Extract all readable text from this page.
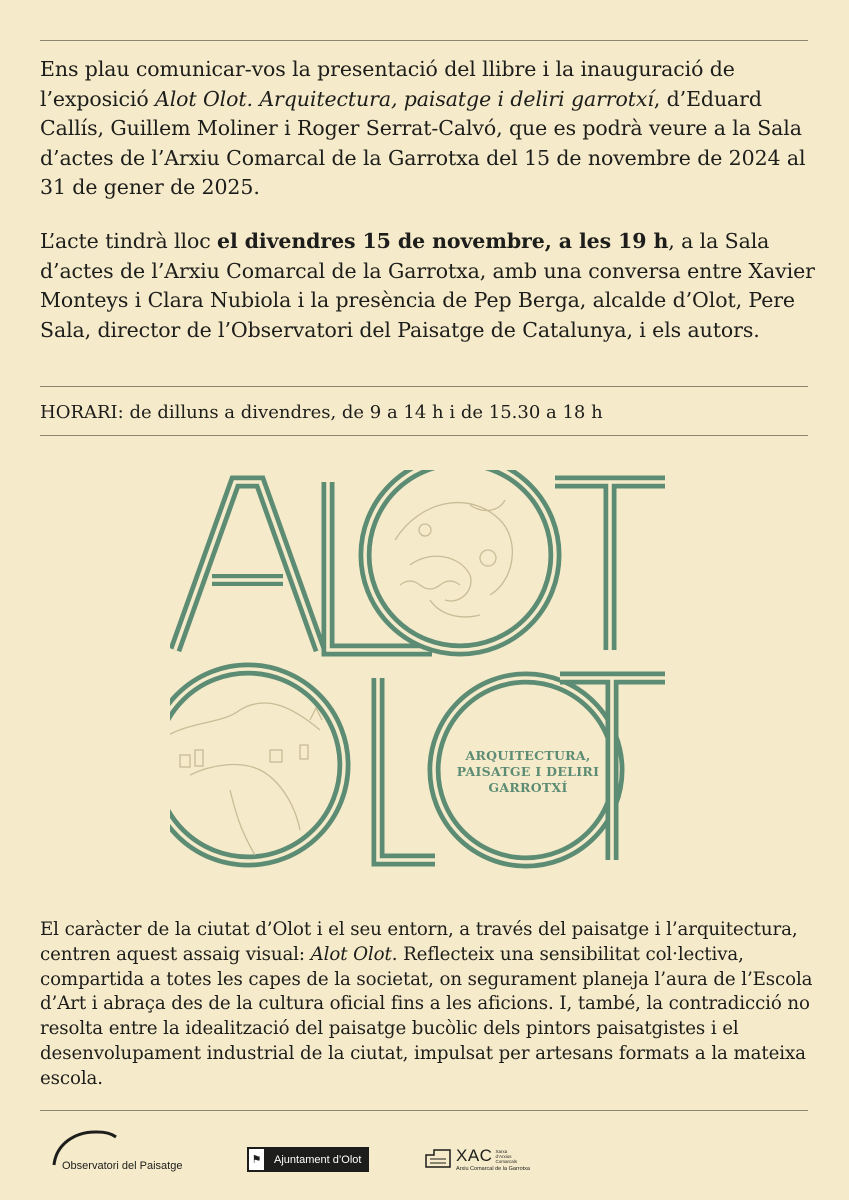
Ens plau comunicar-vos la presentació del llibre i la inauguració de l’exposició Alot Olot. Arquitectura, paisatge i deliri garrotxí, d’Eduard Callís, Guillem Moliner i Roger Serrat-Calvó, que es podrà veure a la Sala d’actes de l’Arxiu Comarcal de la Garrotxa del 15 de novembre de 2024 al 31 de gener de 2025.
L’acte tindrà lloc el divendres 15 de novembre, a les 19 h, a la Sala d’actes de l’Arxiu Comarcal de la Garrotxa, amb una conversa entre Xavier Monteys i Clara Nubiola i la presència de Pep Berga, alcalde d’Olot, Pere Sala, director de l’Observatori del Paisatge de Catalunya, i els autors.
HORARI: de dilluns a divendres, de 9 a 14 h i de 15.30 a 18 h
ARQUITECTURA,
PAISATGE I DELIRI
GARROTXÍ
El caràcter de la ciutat d’Olot i el seu entorn, a través del paisatge i l’arquitectura, centren aquest assaig visual: Alot Olot. Reflecteix una sensibilitat col·lectiva, compartida a totes les capes de la societat, on segurament planeja l’aura de l’Escola d’Art i abraça des de la cultura oficial fins a les aficions. I, també, la contradicció no resolta entre la idealització del paisatge bucòlic dels pintors paisatgistes i el desenvolupament industrial de la ciutat, impulsat per artesans formats a la mateixa escola.
Observatori del Paisatge	⚑	Ajuntament d’Olot	XAC Xarxa
d’Arxius
Comarcals
Arxiu Comarcal de la Garrotxa
